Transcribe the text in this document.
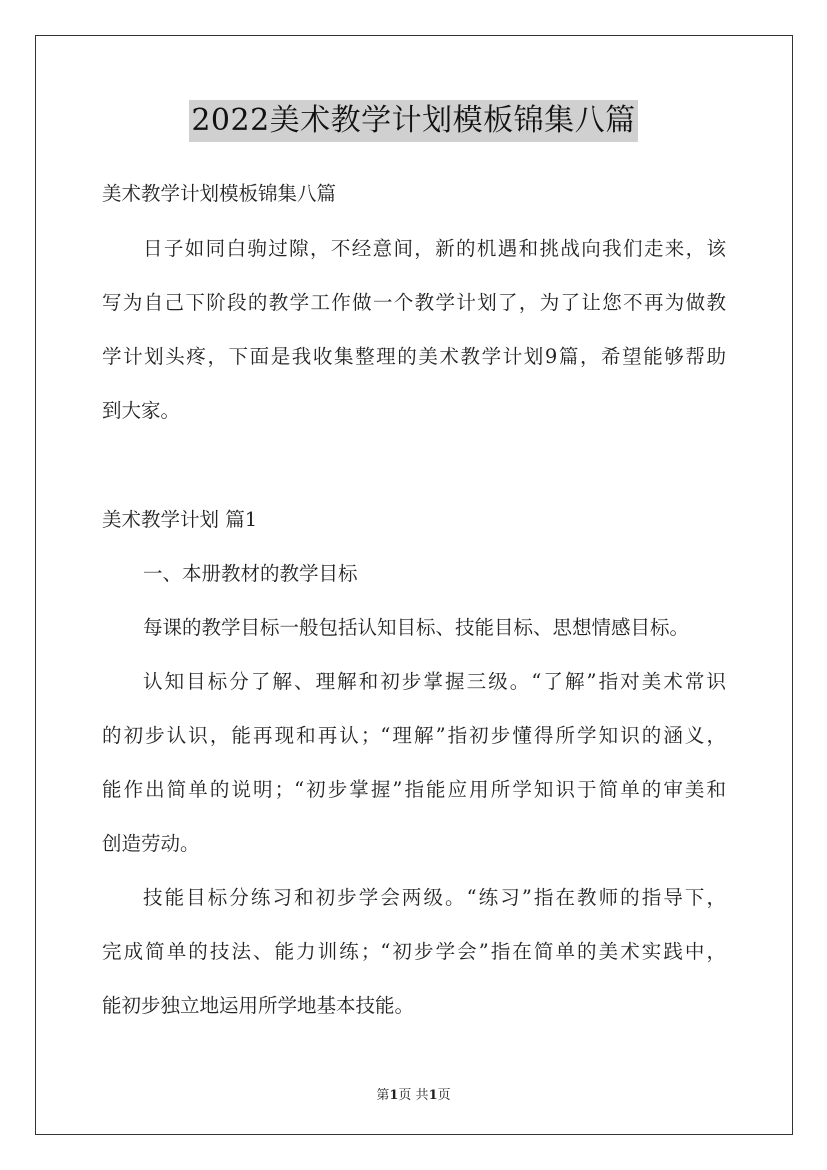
2022美术教学计划模板锦集八篇
美术教学计划模板锦集八篇
日子如同白驹过隙，不经意间，新的机遇和挑战向我们走来，该
写为自己下阶段的教学工作做一个教学计划了，为了让您不再为做教
学计划头疼，下面是我收集整理的美术教学计划9篇，希望能够帮助
到大家。
美术教学计划 篇1
一、本册教材的教学目标
每课的教学目标一般包括认知目标、技能目标、思想情感目标。
认知目标分了解、理解和初步掌握三级。“了解”指对美术常识
的初步认识，能再现和再认；“理解”指初步懂得所学知识的涵义，
能作出简单的说明；“初步掌握”指能应用所学知识于简单的审美和
创造劳动。
技能目标分练习和初步学会两级。“练习”指在教师的指导下，
完成简单的技法、能力训练；“初步学会”指在简单的美术实践中，
能初步独立地运用所学地基本技能。
第1页 共1页
